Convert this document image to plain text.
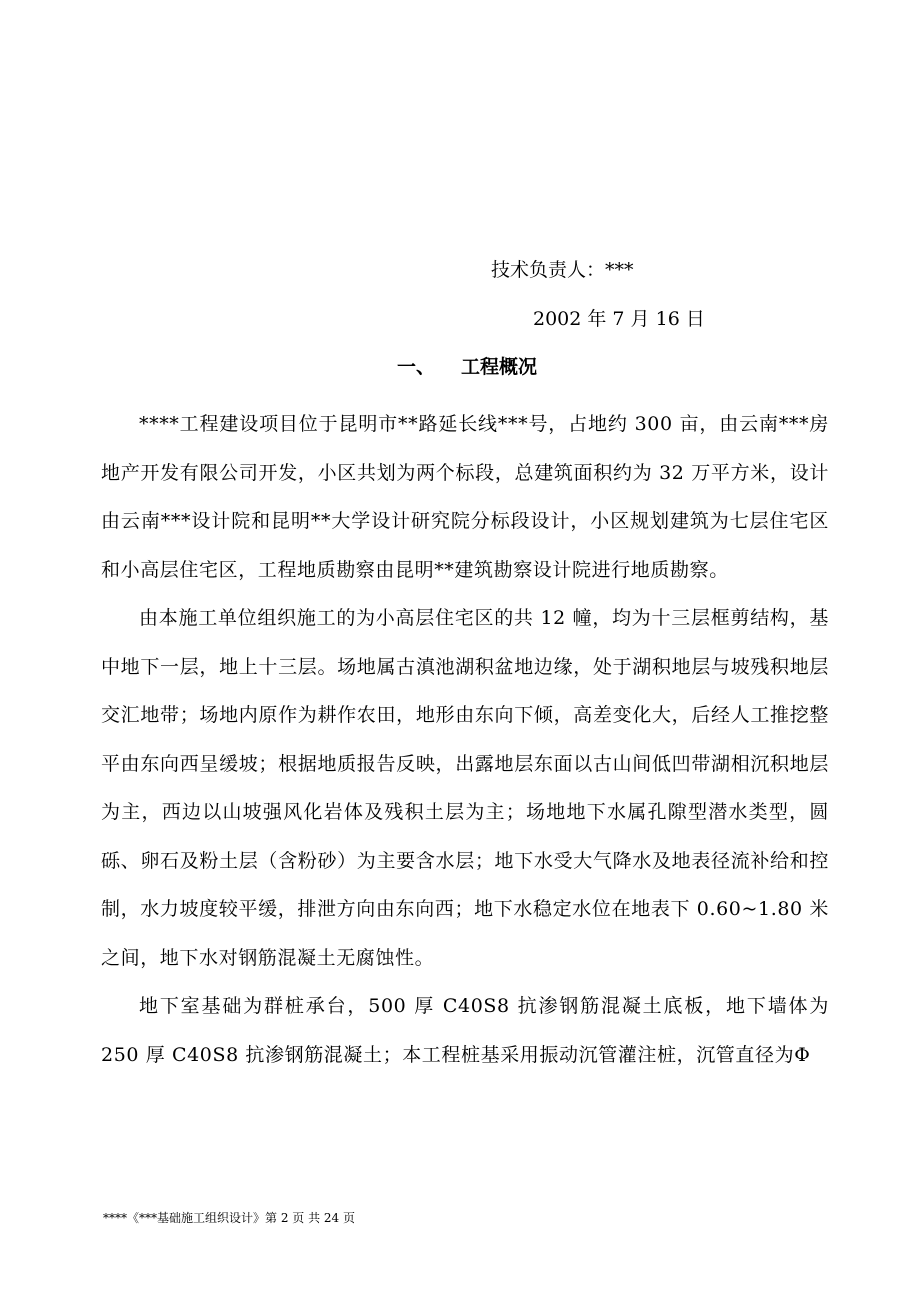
技术负责人：***
2002 年 7 月 16 日
一、 工程概况

****工程建设项目位于昆明市**路延长线***号，占地约 300 亩，由云南***房地产开发有限公司开发，小区共划为两个标段，总建筑面积约为 32 万平方米，设计由云南***设计院和昆明**大学设计研究院分标段设计，小区规划建筑为七层住宅区和小高层住宅区，工程地质勘察由昆明**建筑勘察设计院进行地质勘察。

由本施工单位组织施工的为小高层住宅区的共 12 幢，均为十三层框剪结构，基中地下一层，地上十三层。场地属古滇池湖积盆地边缘，处于湖积地层与坡残积地层交汇地带；场地内原作为耕作农田，地形由东向下倾，高差变化大，后经人工推挖整平由东向西呈缓坡；根据地质报告反映，出露地层东面以古山间低凹带湖相沉积地层为主，西边以山坡强风化岩体及残积土层为主；场地地下水属孔隙型潜水类型，圆砾、卵石及粉土层（含粉砂）为主要含水层；地下水受大气降水及地表径流补给和控制，水力坡度较平缓，排泄方向由东向西；地下水稳定水位在地表下 0.60~1.80 米之间，地下水对钢筋混凝土无腐蚀性。

地下室基础为群桩承台，500 厚 C40S8 抗渗钢筋混凝土底板，地下墙体为 250 厚 C40S8 抗渗钢筋混凝土；本工程桩基采用振动沉管灌注桩，沉管直径为Φ

****《***基础施工组织设计》第 2 页 共 24 页
